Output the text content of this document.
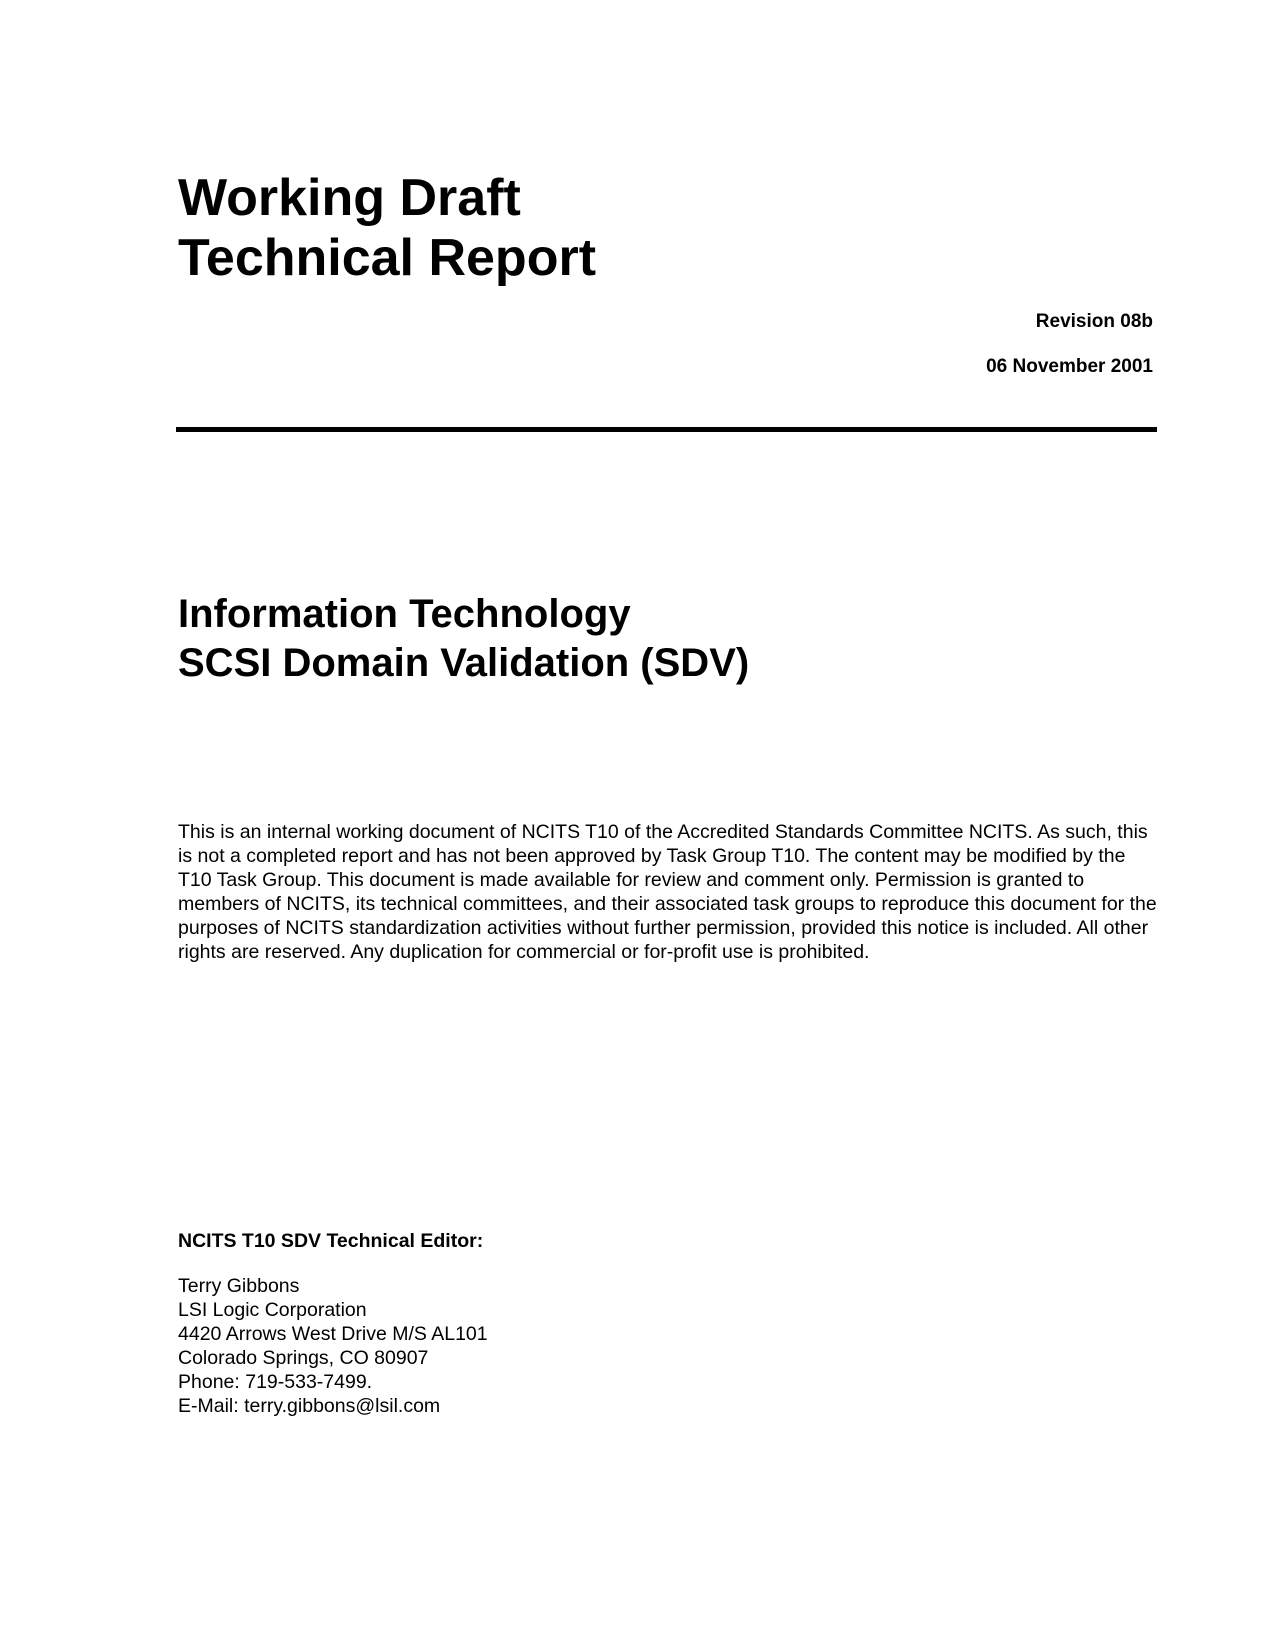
Working Draft
Technical Report
Revision 08b
06 November 2001
Information Technology
SCSI Domain Validation (SDV)
This is an internal working document of NCITS T10 of the Accredited Standards Committee NCITS. As such, this is not a completed report and has not been approved by Task Group T10. The content may be modified by the T10 Task Group. This document is made available for review and comment only. Permission is granted to members of NCITS, its technical committees, and their associated task groups to reproduce this document for the purposes of NCITS standardization activities without further permission, provided this notice is included. All other rights are reserved. Any duplication for commercial or for-profit use is prohibited.
NCITS T10 SDV Technical Editor:
Terry Gibbons
LSI Logic Corporation
4420 Arrows West Drive M/S AL101
Colorado Springs, CO 80907
Phone: 719-533-7499.
E-Mail: terry.gibbons@lsil.com
